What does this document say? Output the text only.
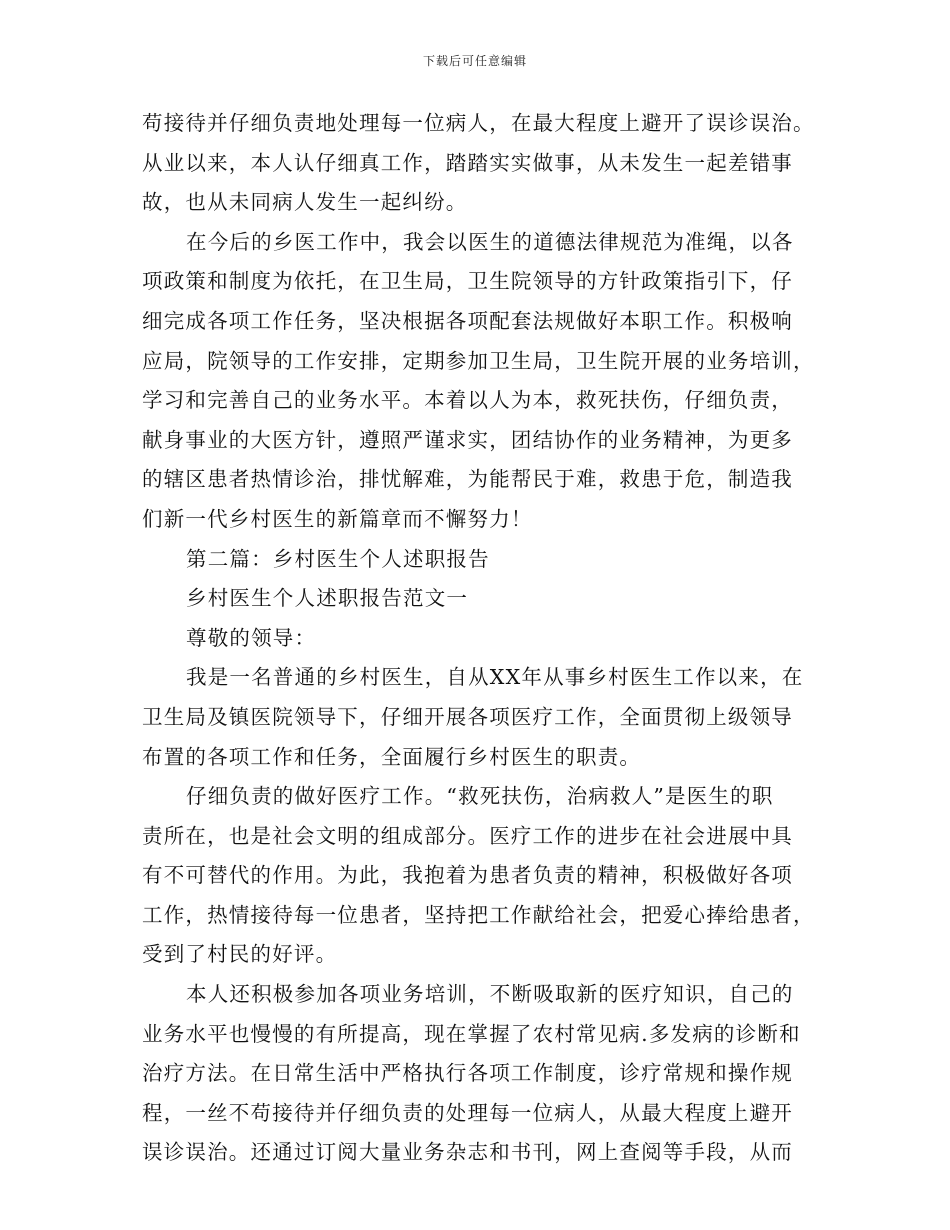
下载后可任意编辑
苟接待并仔细负责地处理每一位病人，在最大程度上避开了误诊误治。
从业以来，本人认仔细真工作，踏踏实实做事，从未发生一起差错事
故，也从未同病人发生一起纠纷。
在今后的乡医工作中，我会以医生的道德法律规范为准绳，以各
项政策和制度为依托，在卫生局，卫生院领导的方针政策指引下，仔
细完成各项工作任务，坚决根据各项配套法规做好本职工作。积极响
应局，院领导的工作安排，定期参加卫生局，卫生院开展的业务培训，
学习和完善自己的业务水平。本着以人为本，救死扶伤，仔细负责，
献身事业的大医方针，遵照严谨求实，团结协作的业务精神，为更多
的辖区患者热情诊治，排忧解难，为能帮民于难，救患于危，制造我
们新一代乡村医生的新篇章而不懈努力！
第二篇：乡村医生个人述职报告
乡村医生个人述职报告范文一
尊敬的领导：
我是一名普通的乡村医生，自从XX年从事乡村医生工作以来，在
卫生局及镇医院领导下，仔细开展各项医疗工作，全面贯彻上级领导
布置的各项工作和任务，全面履行乡村医生的职责。
仔细负责的做好医疗工作。“救死扶伤，治病救人”是医生的职
责所在，也是社会文明的组成部分。医疗工作的进步在社会进展中具
有不可替代的作用。为此，我抱着为患者负责的精神，积极做好各项
工作，热情接待每一位患者，坚持把工作献给社会，把爱心捧给患者，
受到了村民的好评。
本人还积极参加各项业务培训，不断吸取新的医疗知识，自己的
业务水平也慢慢的有所提高，现在掌握了农村常见病.多发病的诊断和
治疗方法。在日常生活中严格执行各项工作制度，诊疗常规和操作规
程，一丝不苟接待并仔细负责的处理每一位病人，从最大程度上避开
误诊误治。还通过订阅大量业务杂志和书刊，网上查阅等手段，从而
